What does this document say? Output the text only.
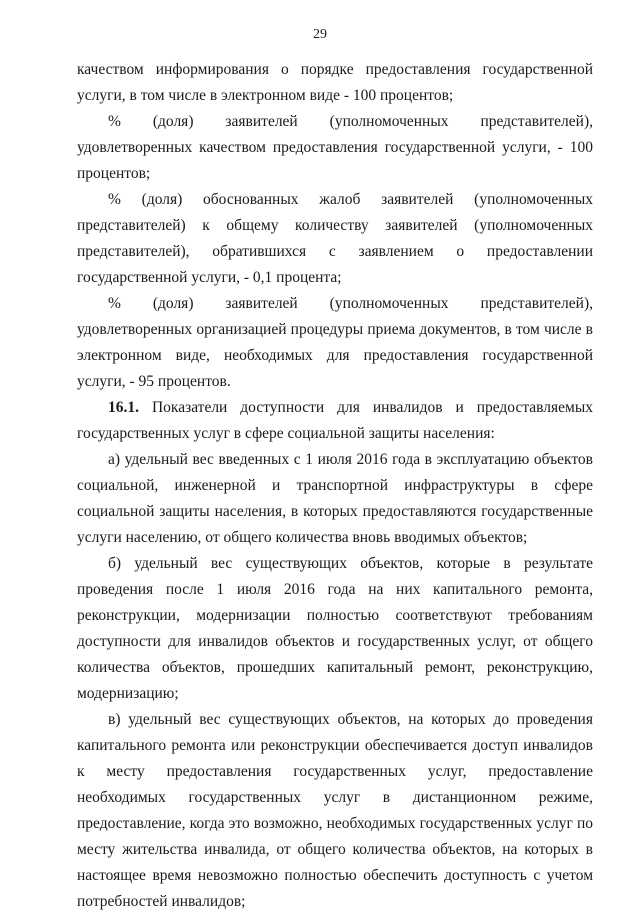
29

качеством информирования о порядке предоставления государственной услуги, в том числе в электронном виде - 100 процентов;

% (доля) заявителей (уполномоченных представителей), удовлетворенных качеством предоставления государственной услуги, - 100 процентов;

% (доля) обоснованных жалоб заявителей (уполномоченных представителей) к общему количеству заявителей (уполномоченных представителей), обратившихся с заявлением о предоставлении государственной услуги, - 0,1 процента;

% (доля) заявителей (уполномоченных представителей), удовлетворенных организацией процедуры приема документов, в том числе в электронном виде, необходимых для предоставления государственной услуги, - 95 процентов.

16.1. Показатели доступности для инвалидов и предоставляемых государственных услуг в сфере социальной защиты населения:

а) удельный вес введенных с 1 июля 2016 года в эксплуатацию объектов социальной, инженерной и транспортной инфраструктуры в сфере социальной защиты населения, в которых предоставляются государственные услуги населению, от общего количества вновь вводимых объектов;

б) удельный вес существующих объектов, которые в результате проведения после 1 июля 2016 года на них капитального ремонта, реконструкции, модернизации полностью соответствуют требованиям доступности для инвалидов объектов и государственных услуг, от общего количества объектов, прошедших капитальный ремонт, реконструкцию, модернизацию;

в) удельный вес существующих объектов, на которых до проведения капитального ремонта или реконструкции обеспечивается доступ инвалидов к месту предоставления государственных услуг, предоставление необходимых государственных услуг в дистанционном режиме, предоставление, когда это возможно, необходимых государственных услуг по месту жительства инвалида, от общего количества объектов, на которых в настоящее время невозможно полностью обеспечить доступность с учетом потребностей инвалидов;
